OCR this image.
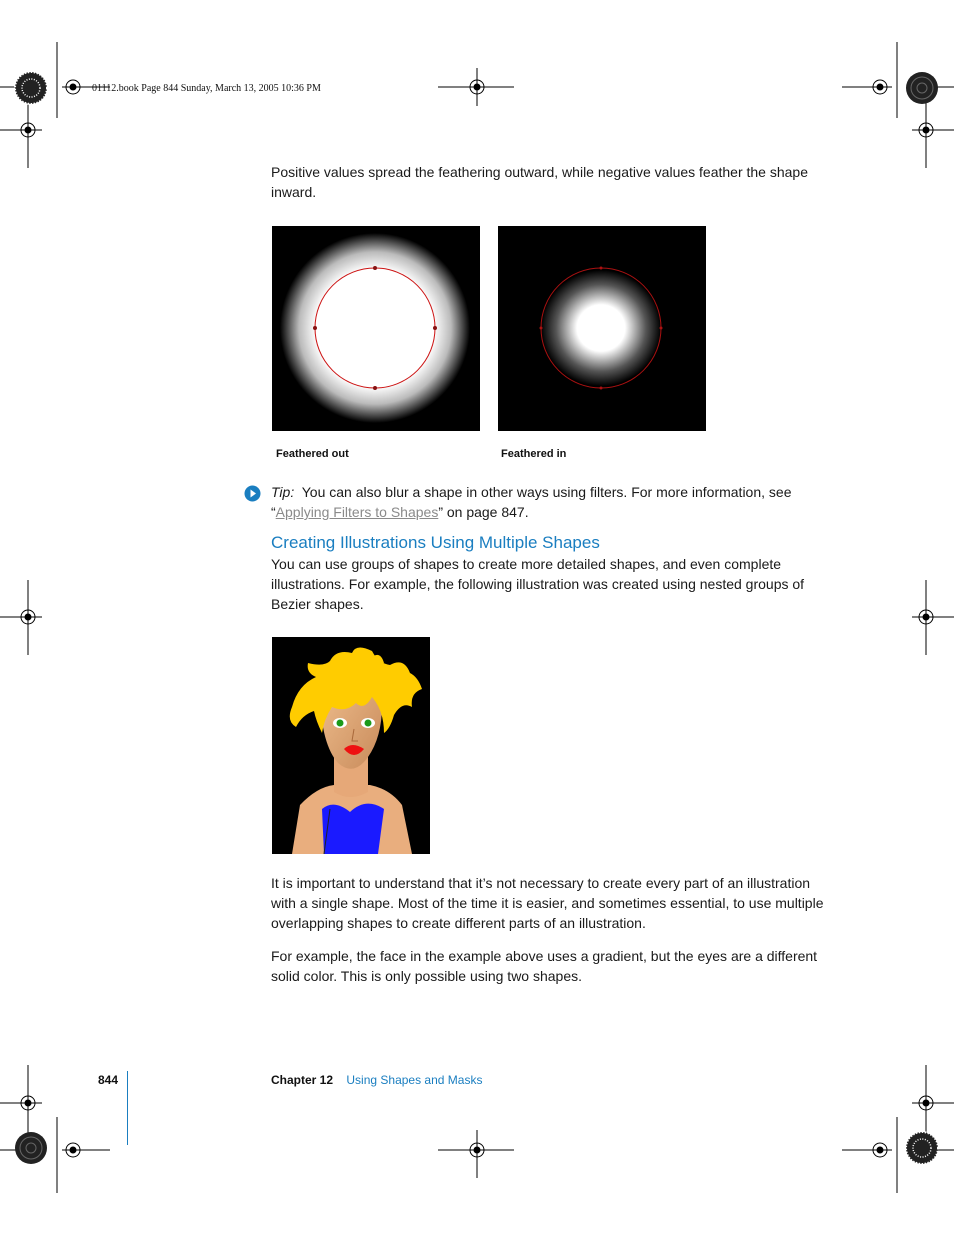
01112.book Page 844 Sunday, March 13, 2005 10:36 PM
Positive values spread the feathering outward, while negative values feather the shape inward.
Feathered out	Feathered in
Tip: You can also blur a shape in other ways using filters. For more information, see “Applying Filters to Shapes” on page 847.
Creating Illustrations Using Multiple Shapes
You can use groups of shapes to create more detailed shapes, and even complete illustrations. For example, the following illustration was created using nested groups of Bezier shapes.
It is important to understand that it’s not necessary to create every part of an illustration with a single shape. Most of the time it is easier, and sometimes essential, to use multiple overlapping shapes to create different parts of an illustration.
For example, the face in the example above uses a gradient, but the eyes are a different solid color. This is only possible using two shapes.
844	Chapter 12 Using Shapes and Masks
